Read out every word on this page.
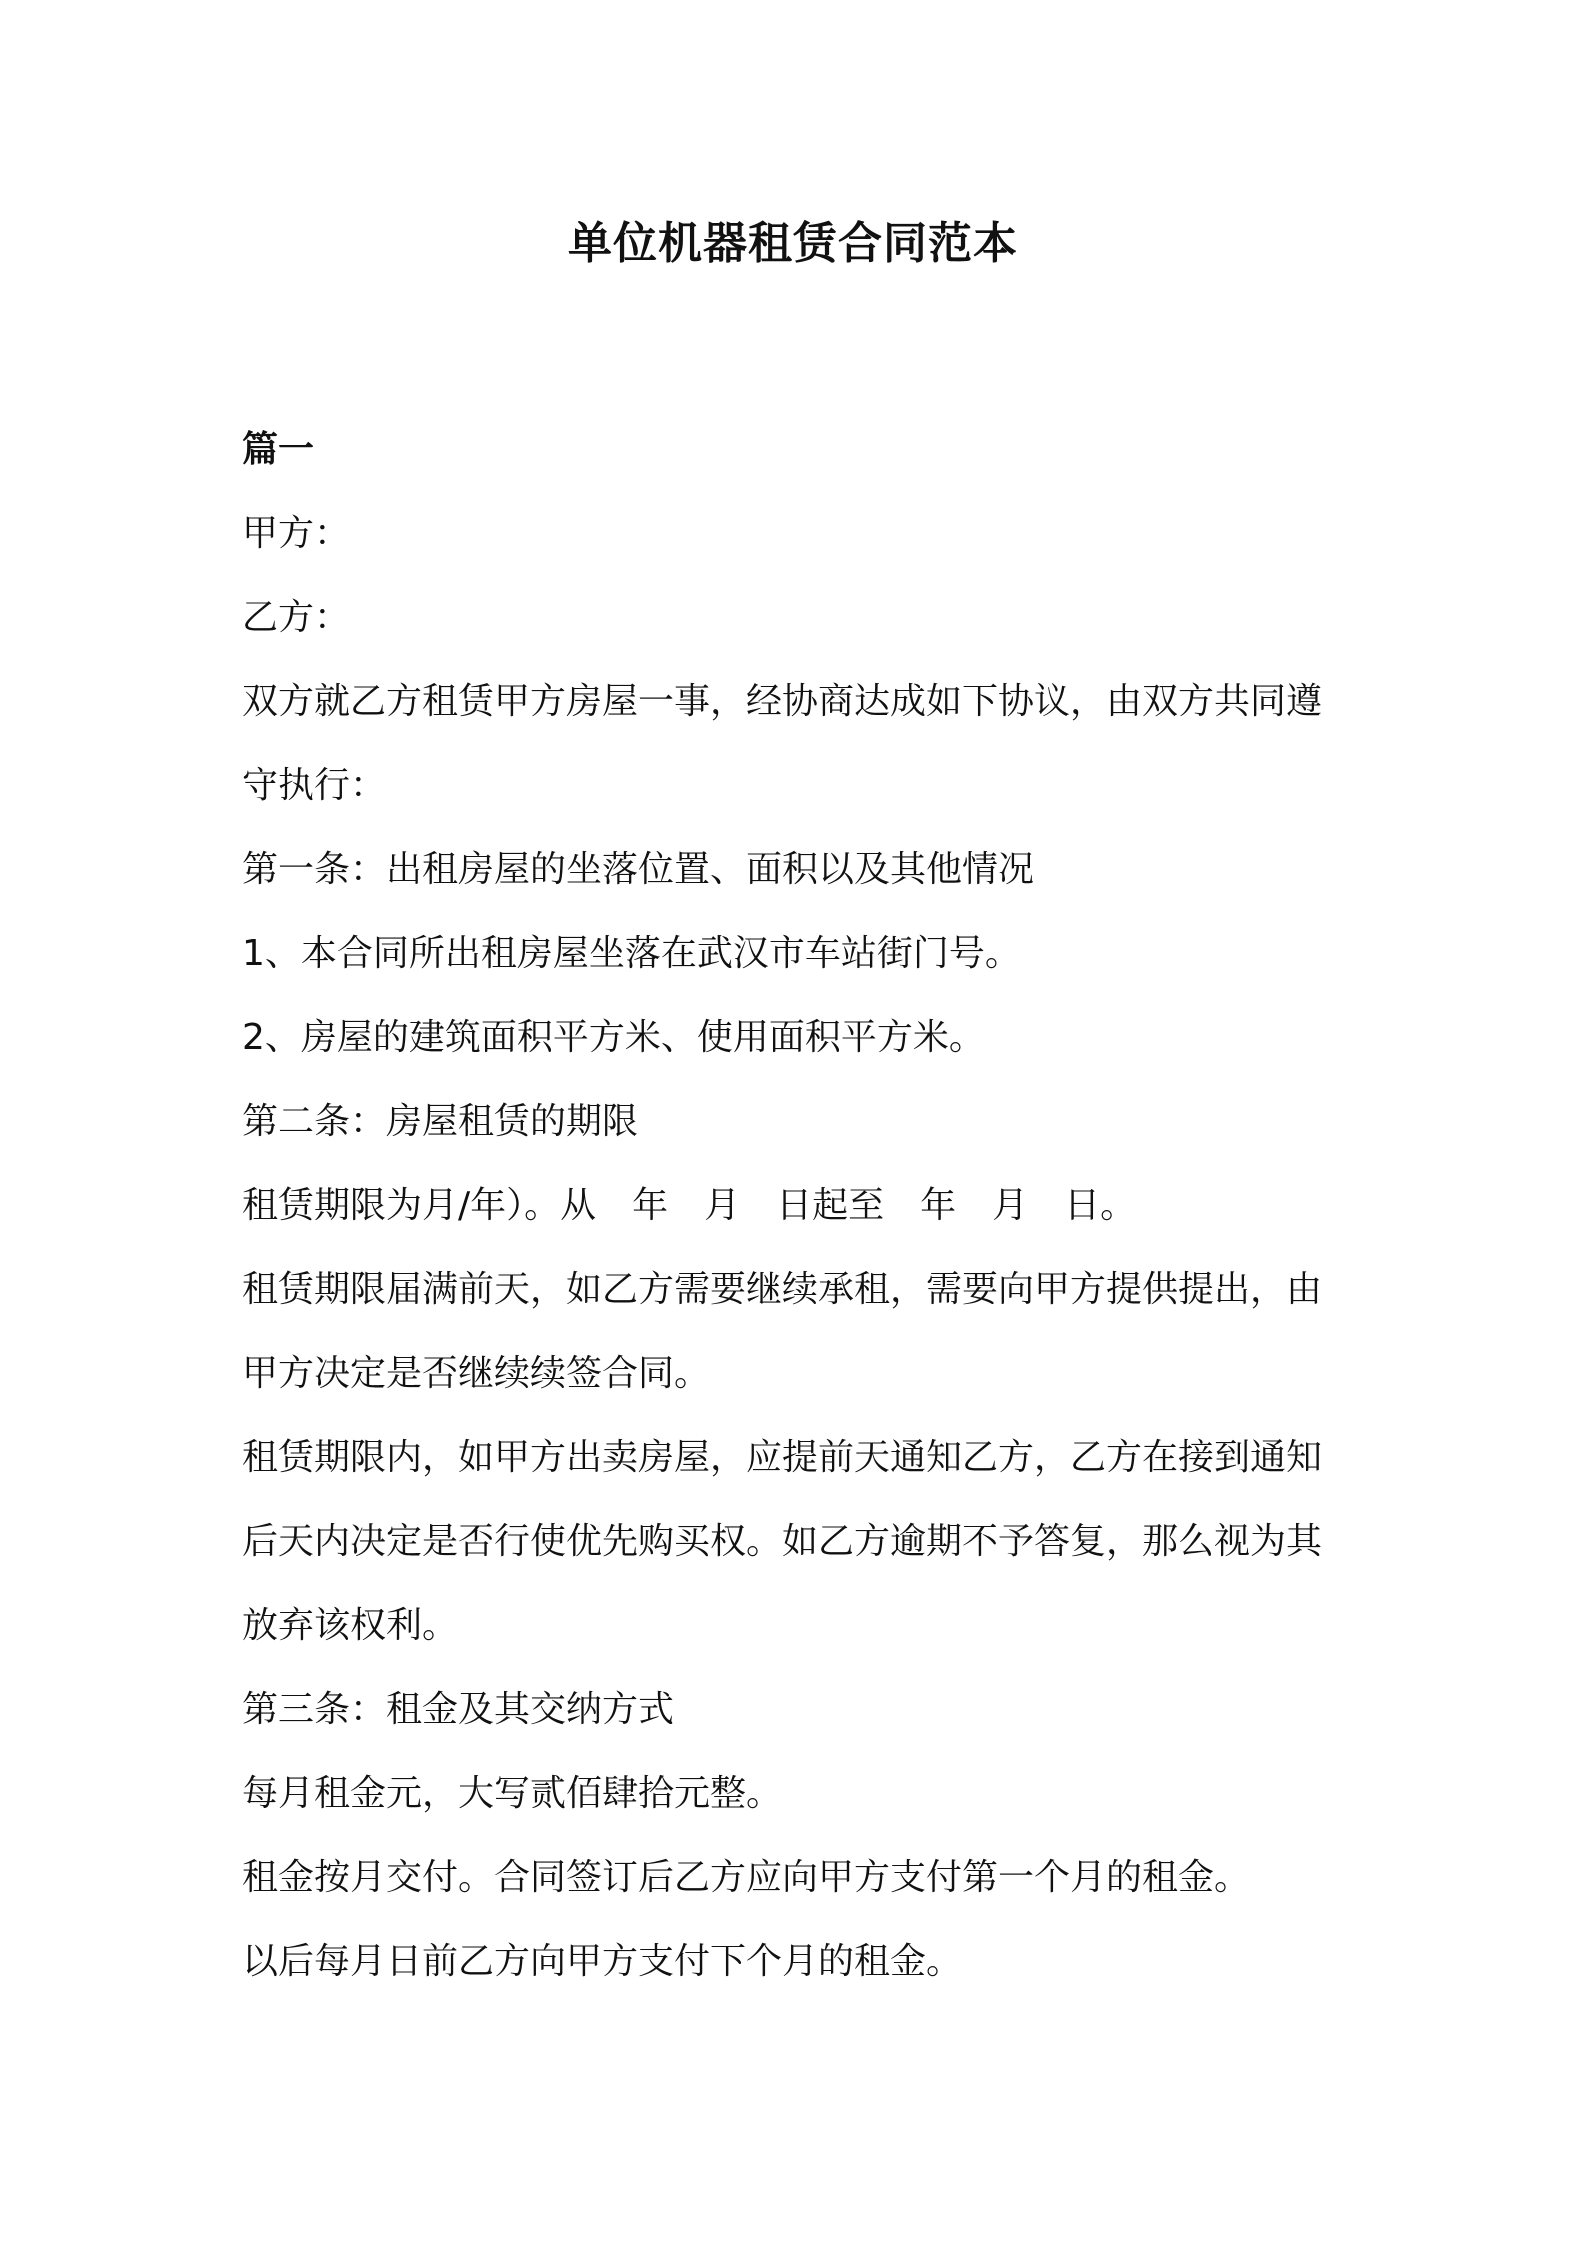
单位机器租赁合同范本

篇一

甲方：

乙方：

双方就乙方租赁甲方房屋一事，经协商达成如下协议，由双方共同遵

守执行：

第一条：出租房屋的坐落位置、面积以及其他情况

1、本合同所出租房屋坐落在武汉市车站街门号。

2、房屋的建筑面积平方米、使用面积平方米。

第二条：房屋租赁的期限

租赁期限为月/年）。从　年　月　日起至　年　月　日。

租赁期限届满前天，如乙方需要继续承租，需要向甲方提供提出，由

甲方决定是否继续续签合同。

租赁期限内，如甲方出卖房屋，应提前天通知乙方，乙方在接到通知

后天内决定是否行使优先购买权。如乙方逾期不予答复，那么视为其

放弃该权利。

第三条：租金及其交纳方式

每月租金元，大写贰佰肆拾元整。

租金按月交付。合同签订后乙方应向甲方支付第一个月的租金。

以后每月日前乙方向甲方支付下个月的租金。
